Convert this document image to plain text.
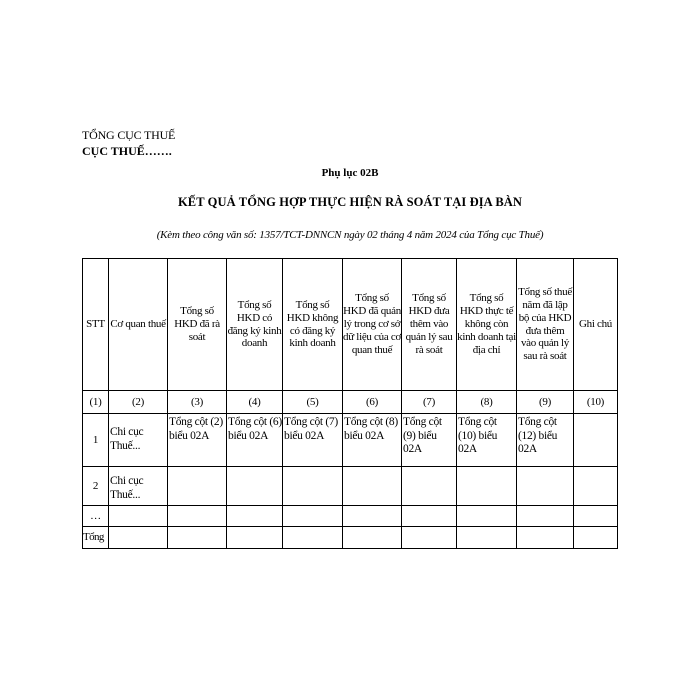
TỔNG CỤC THUẾ
CỤC THUẾ…….
Phụ lục 02B
KẾT QUẢ TỔNG HỢP THỰC HIỆN RÀ SOÁT TẠI ĐỊA BÀN
(Kèm theo công văn số: 1357/TCT-DNNCN ngày 02 tháng 4 năm 2024 của Tổng cục Thuế)
STT	Cơ quan thuế	Tổng số HKD đã rà soát	Tổng số HKD có đăng ký kinh doanh	Tổng số HKD không có đăng ký kinh doanh	Tổng số HKD đã quản lý trong cơ sở dữ liệu của cơ quan thuế	Tổng số HKD đưa thêm vào quản lý sau rà soát	Tổng số HKD thực tế không còn kinh doanh tại địa chỉ	Tổng số thuế năm đã lập bộ của HKD đưa thêm vào quản lý sau rà soát	Ghi chú
(1)	(2)	(3)	(4)	(5)	(6)	(7)	(8)	(9)	(10)
1	Chi cục Thuế...	Tổng cột (2) biểu 02A	Tổng cột (6) biểu 02A	Tổng cột (7) biểu 02A	Tổng cột (8) biểu 02A	Tổng cột (9) biểu 02A	Tổng cột (10) biểu 02A	Tổng cột (12) biểu 02A	

2	Chi cục Thuế...								

…									
Tổng									
